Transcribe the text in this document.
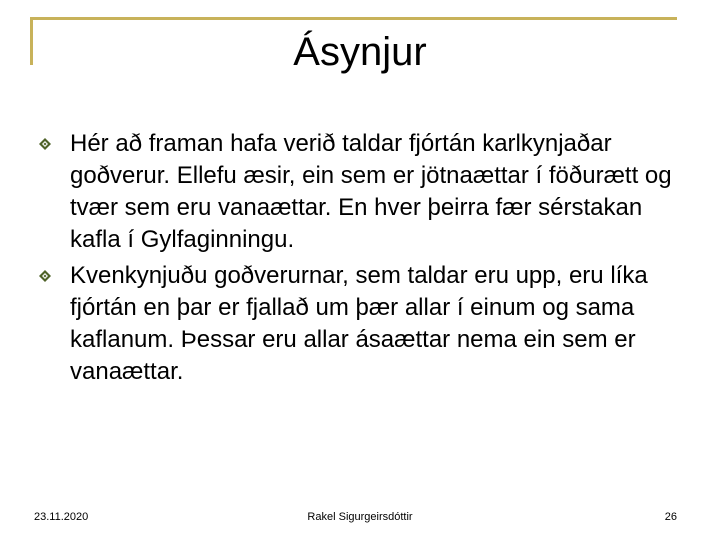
Ásynjur
Hér að framan hafa verið taldar fjórtán karlkynjaðar goðverur. Ellefu æsir, ein sem er jötnaættar í föðurætt og tvær sem eru vanaættar. En hver þeirra fær sérstakan kafla í Gylfaginningu.
Kvenkynjuðu goðverurnar, sem taldar eru upp, eru líka fjórtán en þar er fjallað um þær allar í einum og sama kaflanum. Þessar eru allar ásaættar nema ein sem er vanaættar.
23.11.2020	Rakel Sigurgeirsdóttir	26
